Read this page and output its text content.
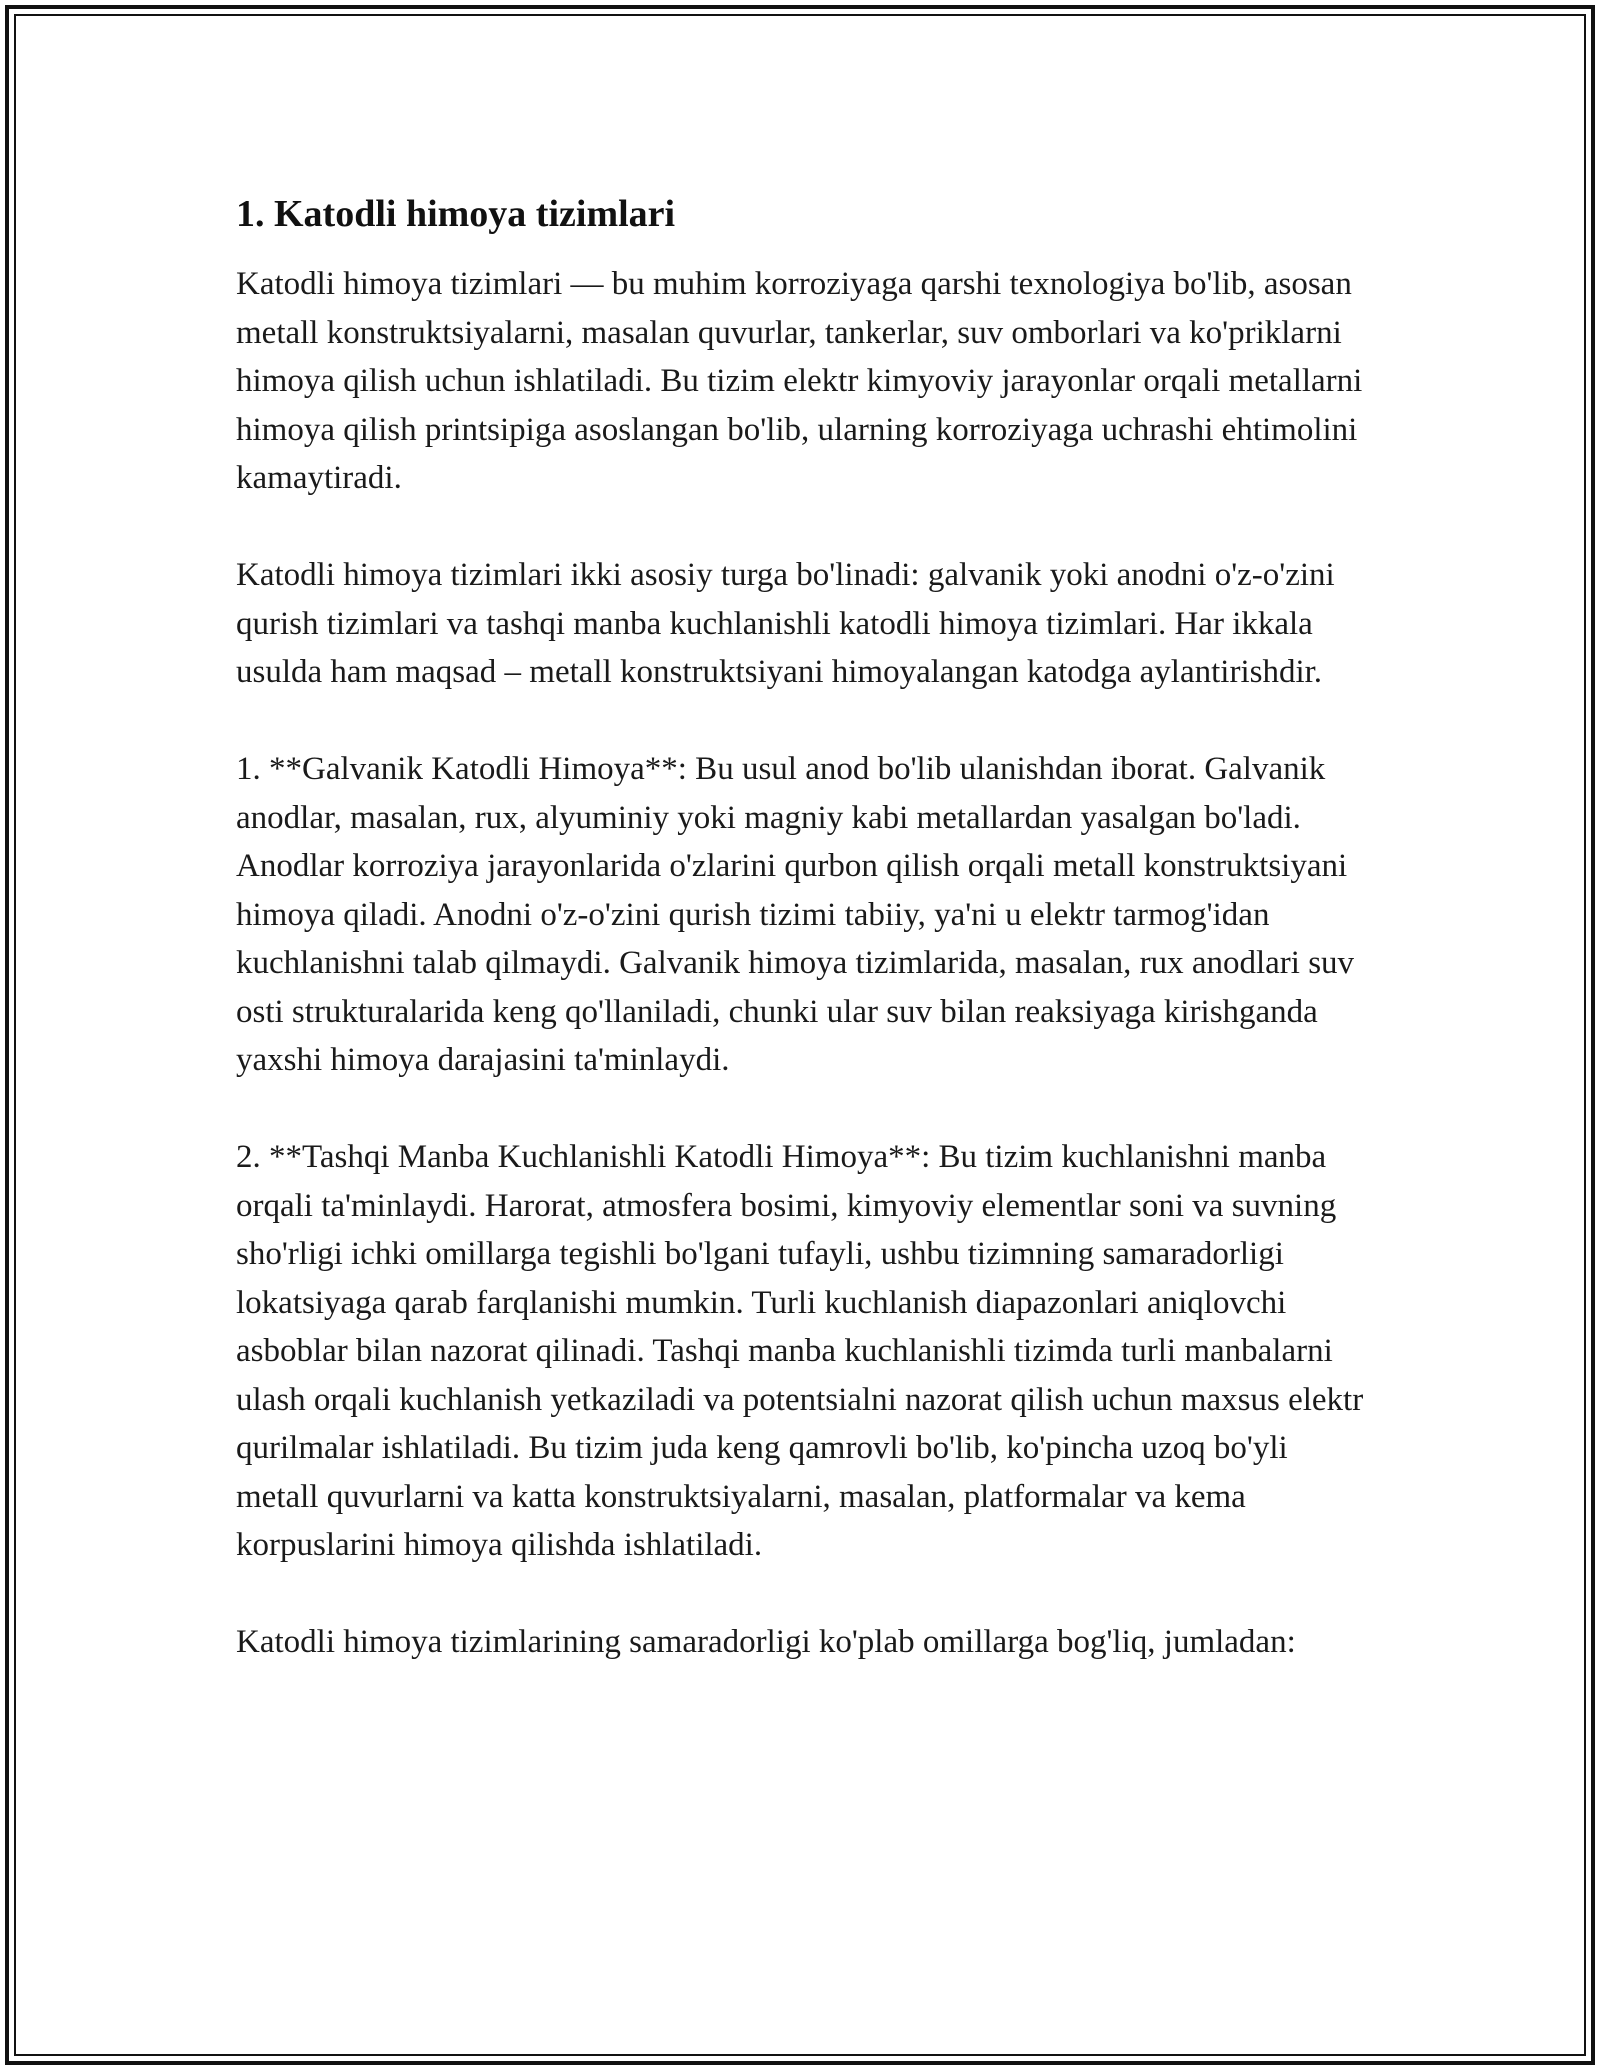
1. Katodli himoya tizimlari

Katodli himoya tizimlari — bu muhim korroziyaga qarshi texnologiya bo'lib, asosan metall konstruktsiyalarni, masalan quvurlar, tankerlar, suv omborlari va ko'priklarni himoya qilish uchun ishlatiladi. Bu tizim elektr kimyoviy jarayonlar orqali metallarni himoya qilish printsipiga asoslangan bo'lib, ularning korroziyaga uchrashi ehtimolini kamaytiradi.

Katodli himoya tizimlari ikki asosiy turga bo'linadi: galvanik yoki anodni o'z-o'zini qurish tizimlari va tashqi manba kuchlanishli katodli himoya tizimlari. Har ikkala usulda ham maqsad – metall konstruktsiyani himoyalangan katodga aylantirishdir.

1. **Galvanik Katodli Himoya**: Bu usul anod bo'lib ulanishdan iborat. Galvanik anodlar, masalan, rux, alyuminiy yoki magniy kabi metallardan yasalgan bo'ladi. Anodlar korroziya jarayonlarida o'zlarini qurbon qilish orqali metall konstruktsiyani himoya qiladi. Anodni o'z-o'zini qurish tizimi tabiiy, ya'ni u elektr tarmog'idan kuchlanishni talab qilmaydi. Galvanik himoya tizimlarida, masalan, rux anodlari suv osti strukturalarida keng qo'llaniladi, chunki ular suv bilan reaksiyaga kirishganda yaxshi himoya darajasini ta'minlaydi.

2. **Tashqi Manba Kuchlanishli Katodli Himoya**: Bu tizim kuchlanishni manba orqali ta'minlaydi. Harorat, atmosfera bosimi, kimyoviy elementlar soni va suvning sho'rligi ichki omillarga tegishli bo'lgani tufayli, ushbu tizimning samaradorligi lokatsiyaga qarab farqlanishi mumkin. Turli kuchlanish diapazonlari aniqlovchi asboblar bilan nazorat qilinadi. Tashqi manba kuchlanishli tizimda turli manbalarni ulash orqali kuchlanish yetkaziladi va potentsialni nazorat qilish uchun maxsus elektr qurilmalar ishlatiladi. Bu tizim juda keng qamrovli bo'lib, ko'pincha uzoq bo'yli metall quvurlarni va katta konstruktsiyalarni, masalan, platformalar va kema korpuslarini himoya qilishda ishlatiladi.

Katodli himoya tizimlarining samaradorligi ko'plab omillarga bog'liq, jumladan:
